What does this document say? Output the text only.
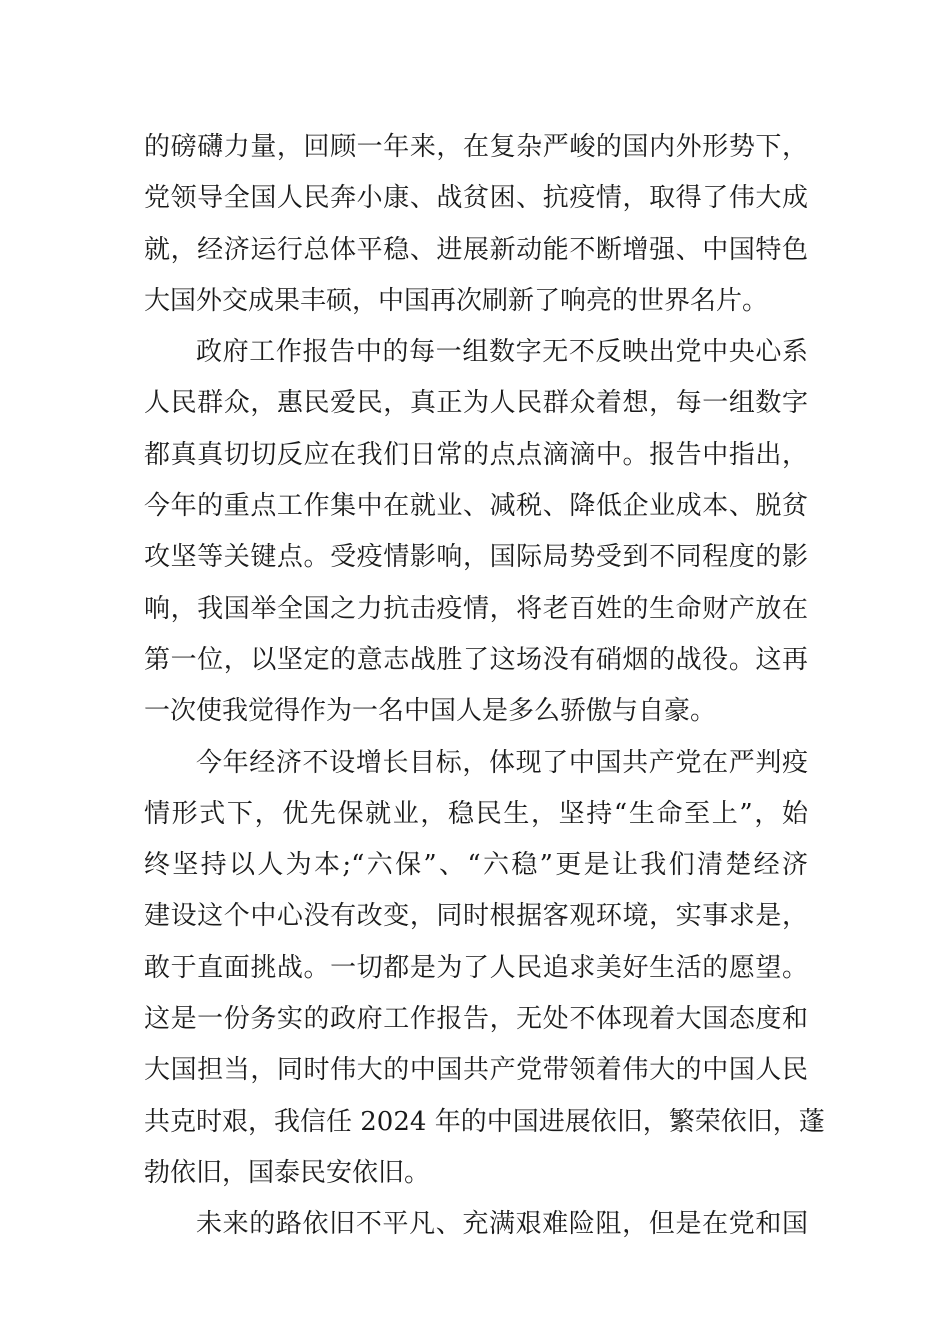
的磅礴力量，回顾一年来，在复杂严峻的国内外形势下，
党领导全国人民奔小康、战贫困、抗疫情，取得了伟大成
就，经济运行总体平稳、进展新动能不断增强、中国特色
大国外交成果丰硕，中国再次刷新了响亮的世界名片。
政府工作报告中的每一组数字无不反映出党中央心系
人民群众，惠民爱民，真正为人民群众着想，每一组数字
都真真切切反应在我们日常的点点滴滴中。报告中指出，
今年的重点工作集中在就业、减税、降低企业成本、脱贫
攻坚等关键点。受疫情影响，国际局势受到不同程度的影
响，我国举全国之力抗击疫情，将老百姓的生命财产放在
第一位，以坚定的意志战胜了这场没有硝烟的战役。这再
一次使我觉得作为一名中国人是多么骄傲与自豪。
今年经济不设增长目标，体现了中国共产党在严判疫
情形式下，优先保就业，稳民生，坚持“生命至上”，始
终坚持以人为本;“六保”、“六稳”更是让我们清楚经济
建设这个中心没有改变，同时根据客观环境，实事求是，
敢于直面挑战。一切都是为了人民追求美好生活的愿望。
这是一份务实的政府工作报告，无处不体现着大国态度和
大国担当，同时伟大的中国共产党带领着伟大的中国人民
共克时艰，我信任 2024 年的中国进展依旧，繁荣依旧，蓬
勃依旧，国泰民安依旧。
未来的路依旧不平凡、充满艰难险阻，但是在党和国
